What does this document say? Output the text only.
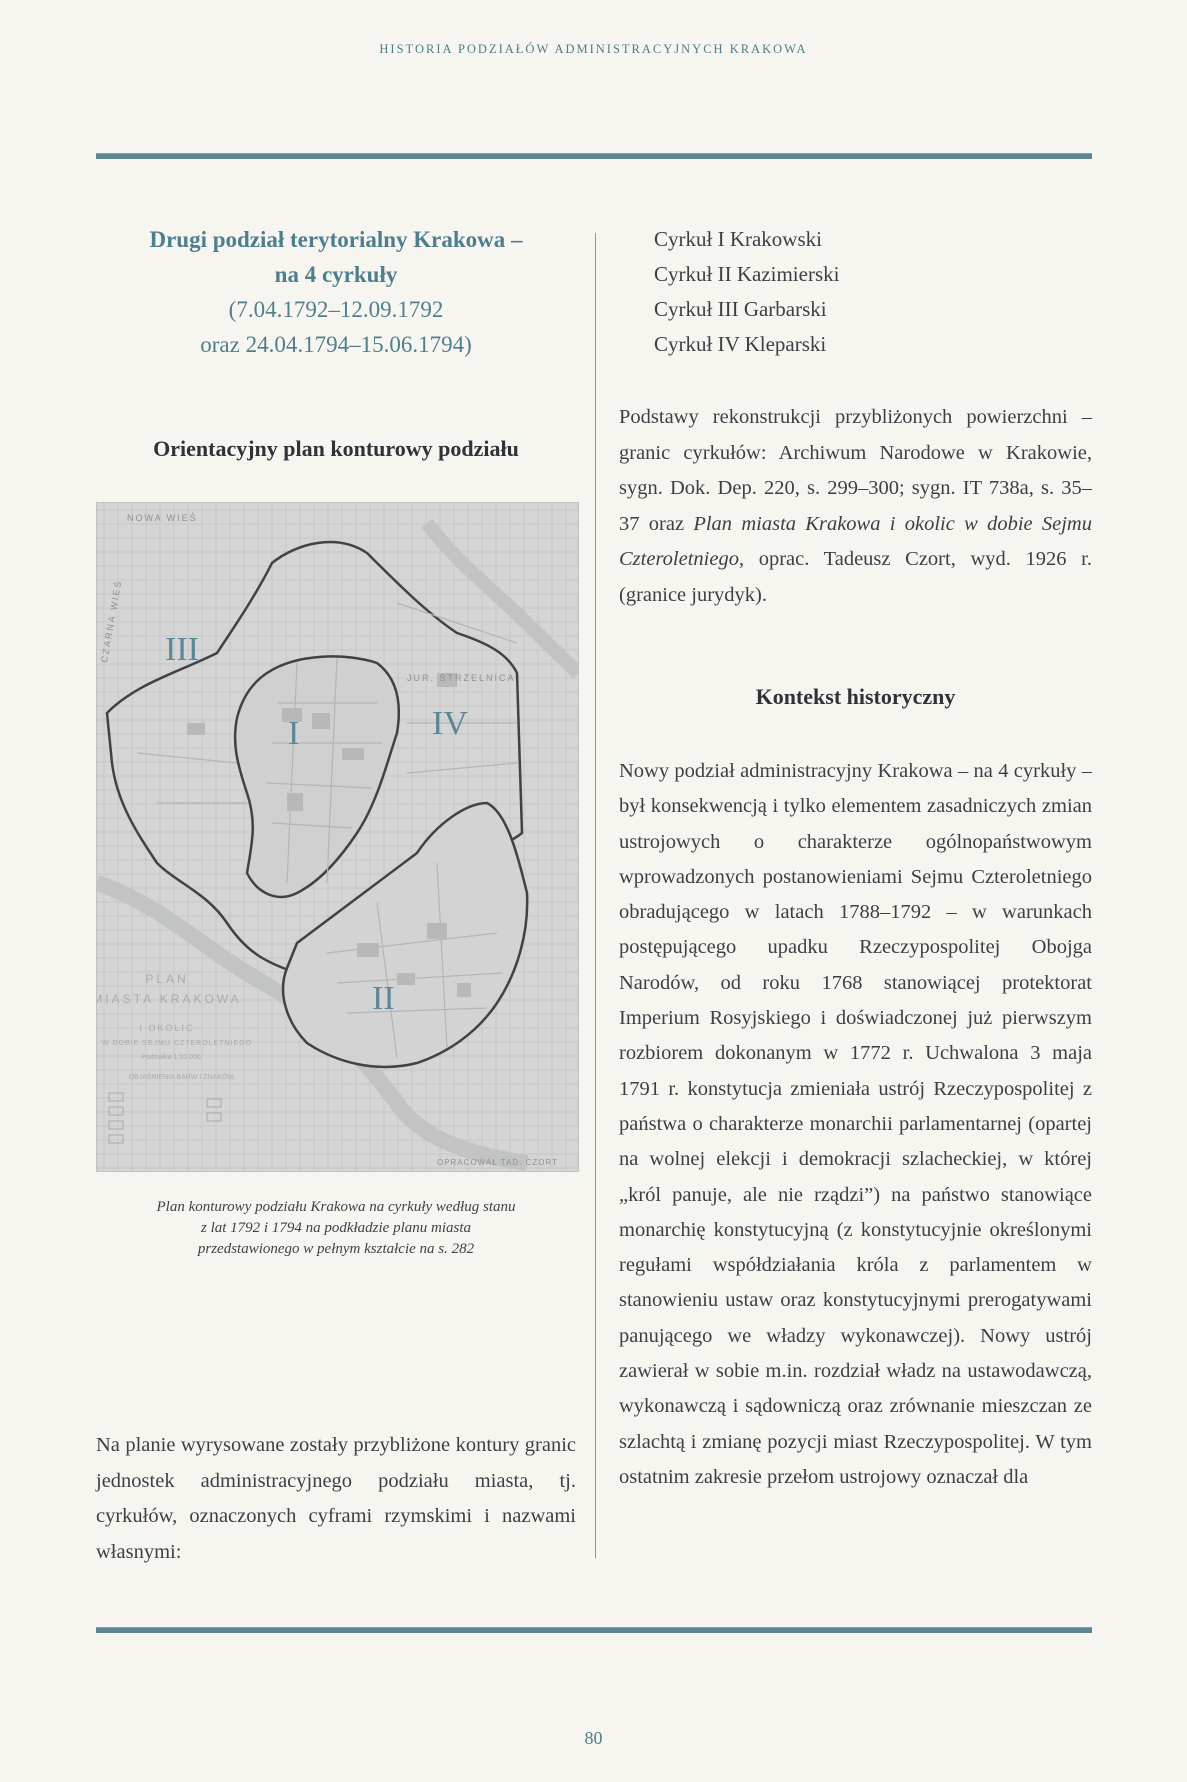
HISTORIA PODZIAŁÓW ADMINISTRACYJNYCH KRAKOWA
Drugi podział terytorialny Krakowa –
na 4 cyrkuły
(7.04.1792–12.09.1792
oraz 24.04.1794–15.06.1794)
Cyrkuł I Krakowski
Cyrkuł II Kazimierski
Cyrkuł III Garbarski
Cyrkuł IV Kleparski
Orientacyjny plan konturowy podziału
Podstawy rekonstrukcji przybliżonych powierzchni – granic cyrkułów: Archiwum Narodowe w Krakowie, sygn. Dok. Dep. 220, s. 299–300; sygn. IT 738a, s. 35–37 oraz Plan miasta Krakowa i okolic w dobie Sejmu Czteroletniego, oprac. Tadeusz Czort, wyd. 1926 r. (granice jurydyk).
III
I	IV
II
NOWA WIEŚ
CZARNA WIEŚ
JUR. STRZELNICA
PLAN
MIASTA KRAKOWA
I OKOLIC
W DOBIE SEJMU CZTEROLETNIEGO
Podziałka 1:10.000.
OBJAŚNIENIA BARW I ZNAKÓW.
OPRACOWAŁ TAD. CZORT
Plan konturowy podziału Krakowa na cyrkuły według stanu
z lat 1792 i 1794 na podkładzie planu miasta
przedstawionego w pełnym kształcie na s. 282
Na planie wyrysowane zostały przybliżone kontury granic jednostek administracyjnego podziału miasta, tj. cyrkułów, oznaczonych cyframi rzymskimi i nazwami własnymi:
Kontekst historyczny
Nowy podział administracyjny Krakowa – na 4 cyrkuły – był konsekwencją i tylko elementem zasadniczych zmian ustrojowych o charakterze ogólnopaństwowym wprowadzonych postanowieniami Sejmu Czteroletniego obradującego w latach 1788–1792 – w warunkach postępującego upadku Rzeczypospolitej Obojga Narodów, od roku 1768 stanowiącej protektorat Imperium Rosyjskiego i doświadczonej już pierwszym rozbiorem dokonanym w 1772 r. Uchwalona 3 maja 1791 r. konstytucja zmieniała ustrój Rzeczypospolitej z państwa o charakterze monarchii parlamentarnej (opartej na wolnej elekcji i demokracji szlacheckiej, w której „król panuje, ale nie rządzi”) na państwo stanowiące monarchię konstytucyjną (z konstytucyjnie określonymi regułami współdziałania króla z parlamentem w stanowieniu ustaw oraz konstytucyjnymi prerogatywami panującego we władzy wykonawczej). Nowy ustrój zawierał w sobie m.in. rozdział władz na ustawodawczą, wykonawczą i sądowniczą oraz zrównanie mieszczan ze szlachtą i zmianę pozycji miast Rzeczypospolitej. W tym ostatnim zakresie przełom ustrojowy oznaczał dla
80
